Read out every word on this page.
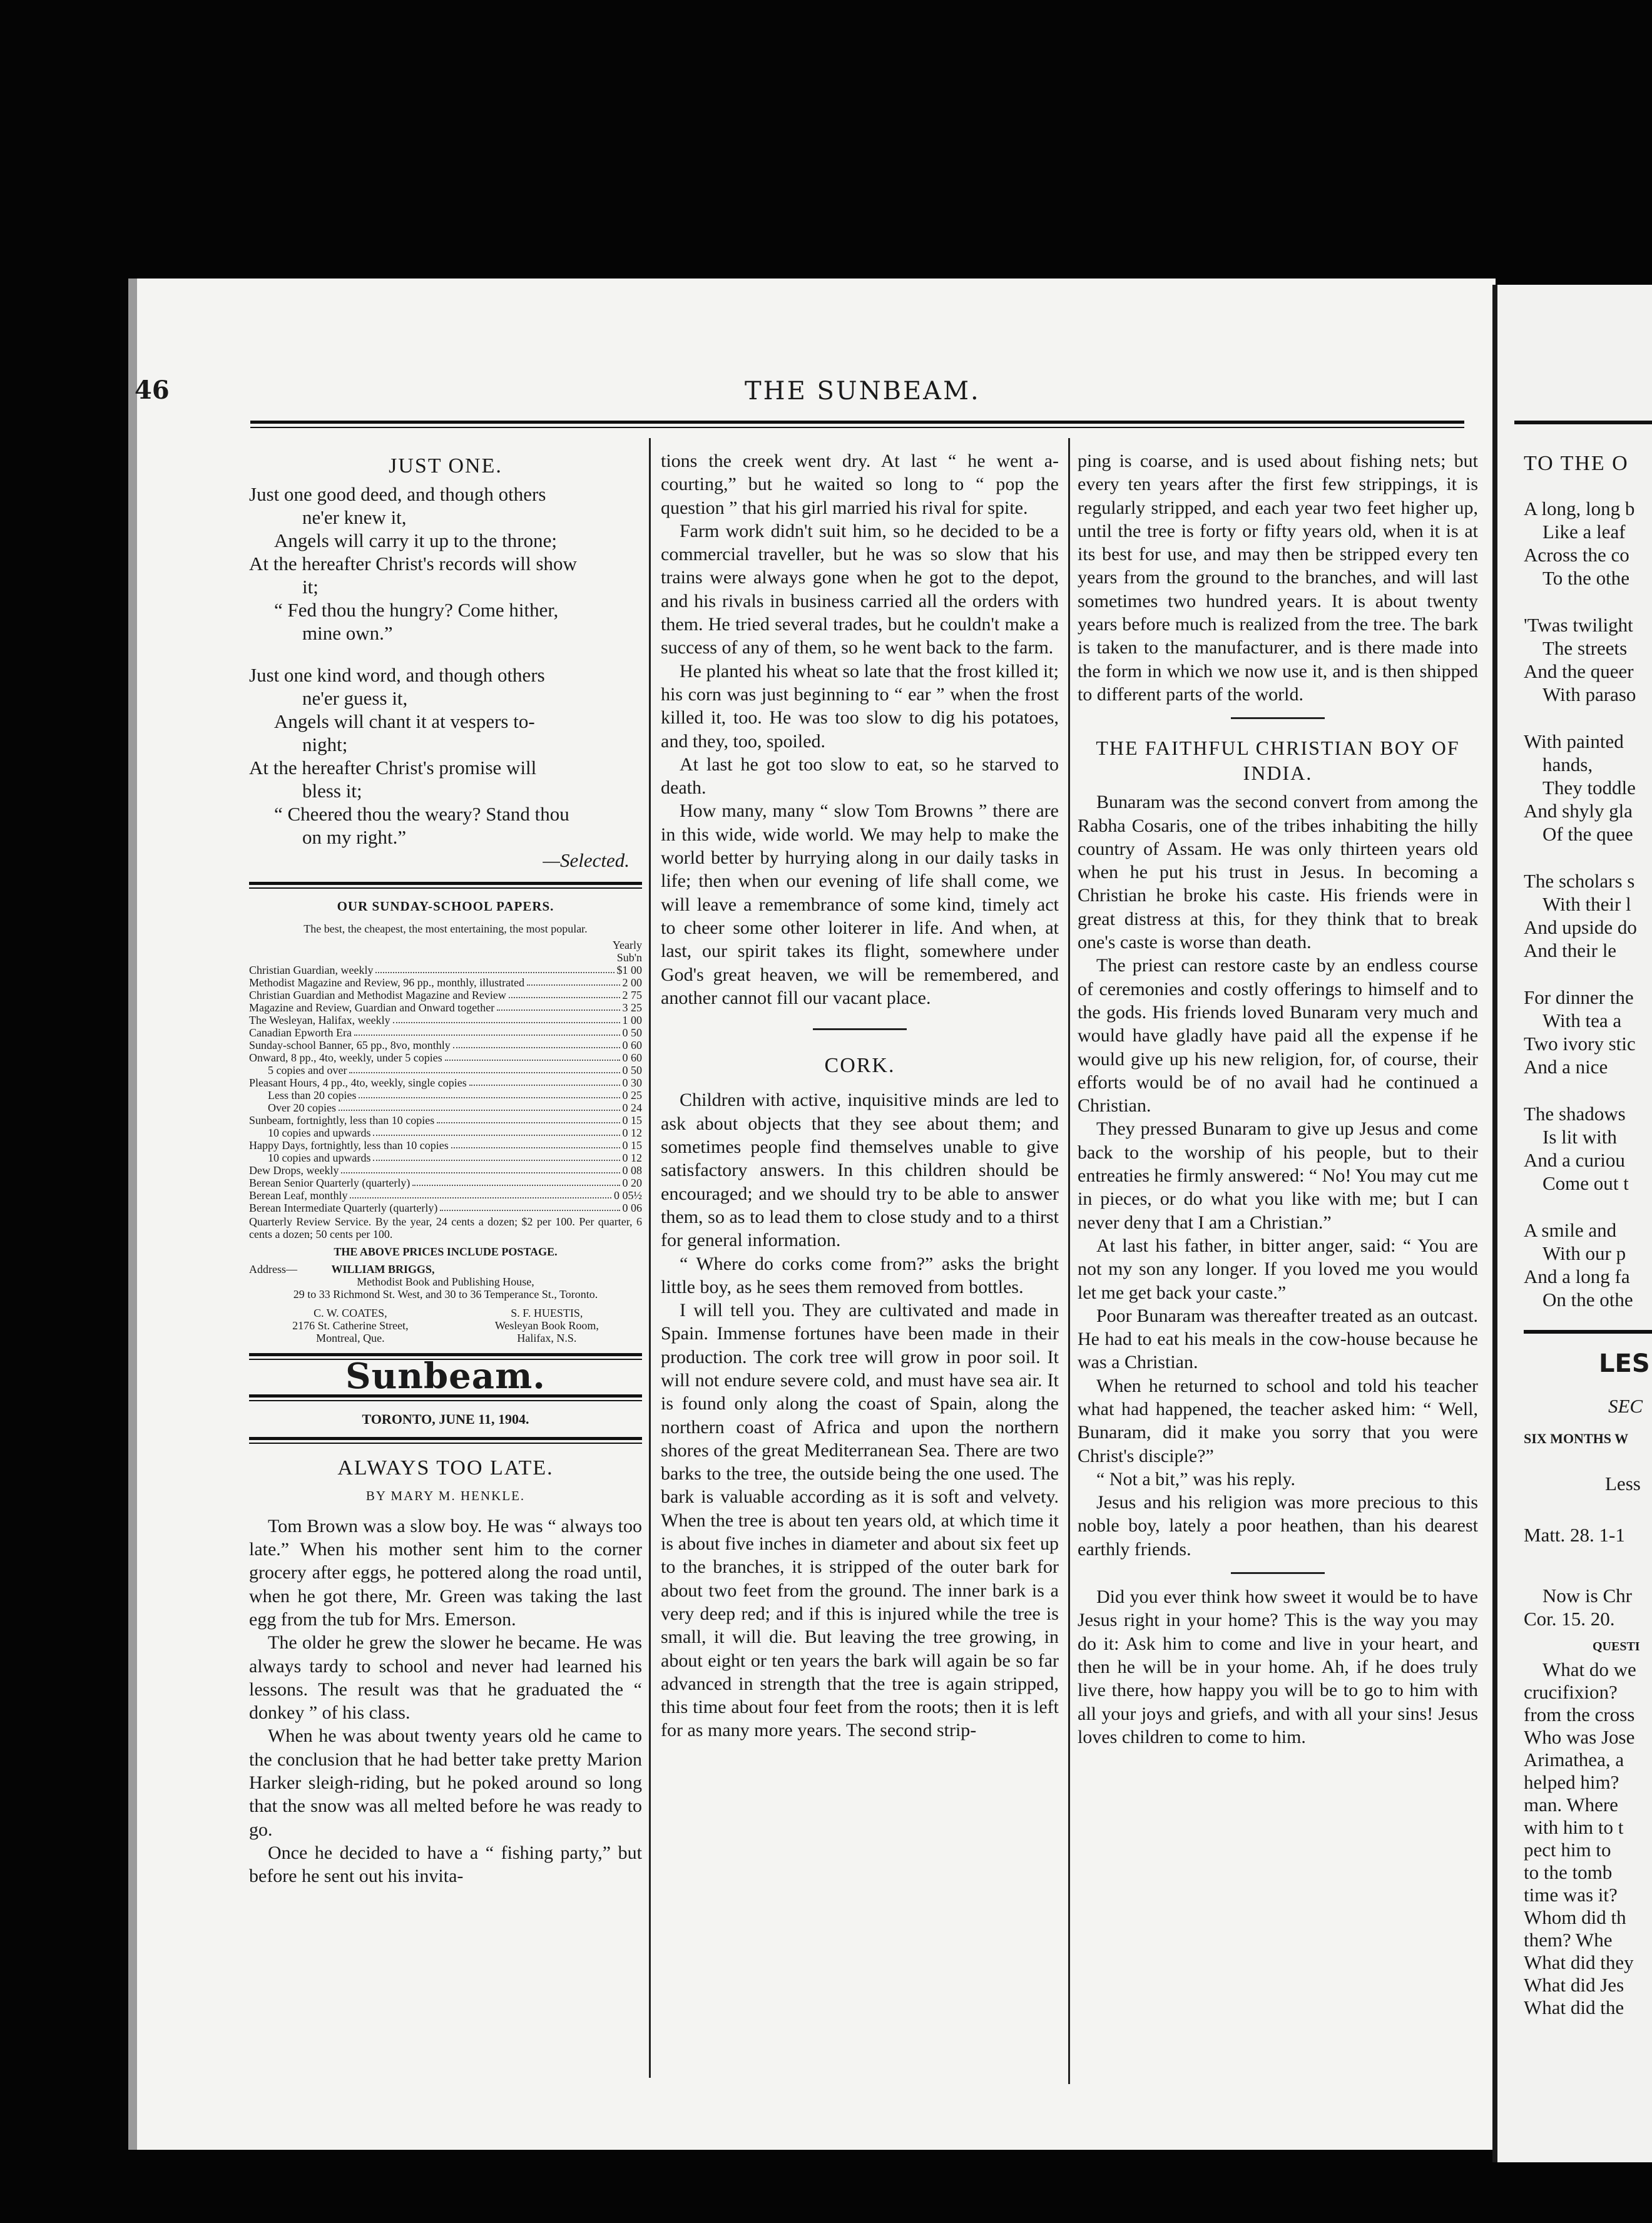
46	THE SUNBEAM.
JUST ONE.
Just one good deed, and though others
ne'er knew it,
Angels will carry it up to the throne;
At the hereafter Christ's records will show
it;
“ Fed thou the hungry? Come hither,
mine own.”
Just one kind word, and though others
ne'er guess it,
Angels will chant it at vespers to-
night;
At the hereafter Christ's promise will
bless it;
“ Cheered thou the weary? Stand thou
on my right.”
—Selected.
OUR SUNDAY-SCHOOL PAPERS.
The best, the cheapest, the most entertaining, the most popular.
Yearly Sub'n
Christian Guardian, weekly	$1 00
Methodist Magazine and Review, 96 pp., monthly, illustrated	2 00
Christian Guardian and Methodist Magazine and Review	2 75
Magazine and Review, Guardian and Onward together	3 25
The Wesleyan, Halifax, weekly	1 00
Canadian Epworth Era	0 50
Sunday-school Banner, 65 pp., 8vo, monthly	0 60
Onward, 8 pp., 4to, weekly, under 5 copies	0 60
5 copies and over	0 50
Pleasant Hours, 4 pp., 4to, weekly, single copies	0 30
Less than 20 copies	0 25
Over 20 copies	0 24
Sunbeam, fortnightly, less than 10 copies	0 15
10 copies and upwards	0 12
Happy Days, fortnightly, less than 10 copies	0 15
10 copies and upwards	0 12
Dew Drops, weekly	0 08
Berean Senior Quarterly (quarterly)	0 20
Berean Leaf, monthly	0 05½
Berean Intermediate Quarterly (quarterly)	0 06
Quarterly Review Service. By the year, 24 cents a dozen; $2 per 100. Per quarter, 6 cents a dozen; 50 cents per 100.
THE ABOVE PRICES INCLUDE POSTAGE.
Address—	WILLIAM BRIGGS,
Methodist Book and Publishing House,
29 to 33 Richmond St. West, and 30 to 36 Temperance St., Toronto.
C. W. COATES,
2176 St. Catherine Street,
Montreal, Que.
S. F. HUESTIS,
Wesleyan Book Room,
Halifax, N.S.
Sunbeam.
TORONTO, JUNE 11, 1904.
ALWAYS TOO LATE.
BY MARY M. HENKLE.

Tom Brown was a slow boy. He was “ always too late.” When his mother sent him to the corner grocery after eggs, he pottered along the road until, when he got there, Mr. Green was taking the last egg from the tub for Mrs. Emerson.

The older he grew the slower he became. He was always tardy to school and never had learned his lessons. The result was that he graduated the “ donkey ” of his class.

When he was about twenty years old he came to the conclusion that he had better take pretty Marion Harker sleigh-riding, but he poked around so long that the snow was all melted before he was ready to go.

Once he decided to have a “ fishing party,” but before he sent out his invita-

tions the creek went dry. At last “ he went a-courting,” but he waited so long to “ pop the question ” that his girl married his rival for spite.

Farm work didn't suit him, so he decided to be a commercial traveller, but he was so slow that his trains were always gone when he got to the depot, and his rivals in business carried all the orders with them. He tried several trades, but he couldn't make a success of any of them, so he went back to the farm.

He planted his wheat so late that the frost killed it; his corn was just beginning to “ ear ” when the frost killed it, too. He was too slow to dig his potatoes, and they, too, spoiled.

At last he got too slow to eat, so he starved to death.

How many, many “ slow Tom Browns ” there are in this wide, wide world. We may help to make the world better by hurrying along in our daily tasks in life; then when our evening of life shall come, we will leave a remembrance of some kind, timely act to cheer some other loiterer in life. And when, at last, our spirit takes its flight, somewhere under God's great heaven, we will be remembered, and another cannot fill our vacant place.

CORK.

Children with active, inquisitive minds are led to ask about objects that they see about them; and sometimes people find themselves unable to give satisfactory answers. In this children should be encouraged; and we should try to be able to answer them, so as to lead them to close study and to a thirst for general information.

“ Where do corks come from?” asks the bright little boy, as he sees them removed from bottles.

I will tell you. They are cultivated and made in Spain. Immense fortunes have been made in their production. The cork tree will grow in poor soil. It will not endure severe cold, and must have sea air. It is found only along the coast of Spain, along the northern coast of Africa and upon the northern shores of the great Mediterranean Sea. There are two barks to the tree, the outside being the one used. The bark is valuable according as it is soft and velvety. When the tree is about ten years old, at which time it is about five inches in diameter and about six feet up to the branches, it is stripped of the outer bark for about two feet from the ground. The inner bark is a very deep red; and if this is injured while the tree is small, it will die. But leaving the tree growing, in about eight or ten years the bark will again be so far advanced in strength that the tree is again stripped, this time about four feet from the roots; then it is left for as many more years. The second strip-

ping is coarse, and is used about fishing nets; but every ten years after the first few strippings, it is regularly stripped, and each year two feet higher up, until the tree is forty or fifty years old, when it is at its best for use, and may then be stripped every ten years from the ground to the branches, and will last sometimes two hundred years. It is about twenty years before much is realized from the tree. The bark is taken to the manufacturer, and is there made into the form in which we now use it, and is then shipped to different parts of the world.

THE FAITHFUL CHRISTIAN BOY OF INDIA.

Bunaram was the second convert from among the Rabha Cosaris, one of the tribes inhabiting the hilly country of Assam. He was only thirteen years old when he put his trust in Jesus. In becoming a Christian he broke his caste. His friends were in great distress at this, for they think that to break one's caste is worse than death.

The priest can restore caste by an endless course of ceremonies and costly offerings to himself and to the gods. His friends loved Bunaram very much and would have gladly have paid all the expense if he would give up his new religion, for, of course, their efforts would be of no avail had he continued a Christian.

They pressed Bunaram to give up Jesus and come back to the worship of his people, but to their entreaties he firmly answered: “ No! You may cut me in pieces, or do what you like with me; but I can never deny that I am a Christian.”

At last his father, in bitter anger, said: “ You are not my son any longer. If you loved me you would let me get back your caste.”

Poor Bunaram was thereafter treated as an outcast. He had to eat his meals in the cow-house because he was a Christian.

When he returned to school and told his teacher what had happened, the teacher asked him: “ Well, Bunaram, did it make you sorry that you were Christ's disciple?”

“ Not a bit,” was his reply.

Jesus and his religion was more precious to this noble boy, lately a poor heathen, than his dearest earthly friends.

Did you ever think how sweet it would be to have Jesus right in your home? This is the way you may do it: Ask him to come and live in your heart, and then he will be in your home. Ah, if he does truly live there, how happy you will be to go to him with all your joys and griefs, and with all your sins! Jesus loves children to come to him.

TO THE O
A long, long b
Like a leaf
Across the co
To the othe
'Twas twilight
The streets
And the queer
With paraso
With painted
hands,
They toddle
And shyly gla
Of the quee
The scholars s
With their l
And upside do
And their le
For dinner the
With tea a
Two ivory stic
And a nice
The shadows
Is lit with
And a curiou
Come out t
A smile and
With our p
And a long fa
On the othe
LES
SEC
SIX MONTHS W
Less
Matt. 28. 1-1
Now is Chr
Cor. 15. 20.
QUESTI
What do we
crucifixion?
from the cross
Who was Jose
Arimathea, a
helped him?
man. Where
with him to t
pect him to
to the tomb
time was it?
Whom did th
them? Whe
What did they
What did Jes
What did the
